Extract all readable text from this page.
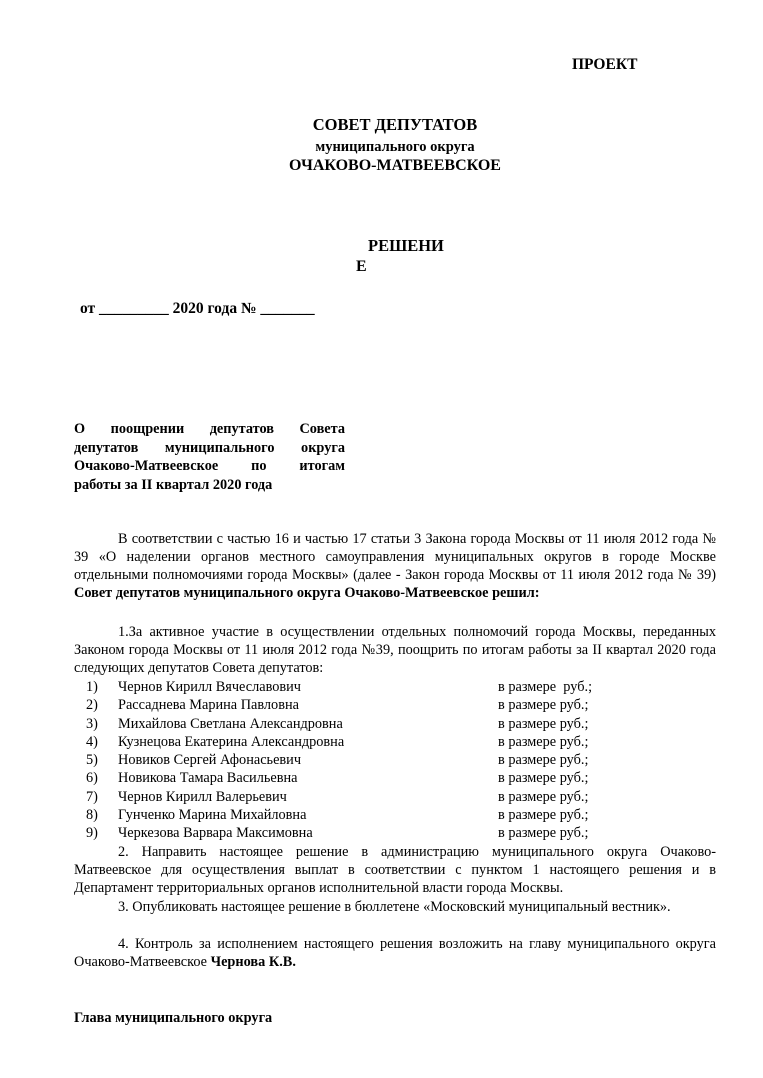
ПРОЕКТ
СОВЕТ ДЕПУТАТОВ
муниципального округа
ОЧАКОВО-МАТВЕЕВСКОЕ
РЕШЕНИ
Е
от _________ 2020 года № _______

О поощрении депутатов Совета

депутатов муниципального округа

Очаково-Матвеевское по итогам

работы за II квартал 2020 года

В соответствии с частью 16 и частью 17 статьи 3 Закона города Москвы от 11 июля 2012 года № 39 «О наделении органов местного самоуправления муниципальных округов в городе Москве отдельными полномочиями города Москвы» (далее - Закон города Москвы от 11 июля 2012 года № 39) Совет депутатов муниципального округа Очаково-Матвеевское решил:

1.За активное участие в осуществлении отдельных полномочий города Москвы, переданных Законом города Москвы от 11 июля 2012 года №39, поощрить по итогам работы за II квартал 2020 года следующих депутатов Совета депутатов:

1) Чернов Кирилл Вячеславович	в размере  руб.;
2) Рассаднева Марина Павловна	в размере руб.;
3) Михайлова Светлана Александровна	в размере руб.;
4) Кузнецова Екатерина Александровна	в размере руб.;
5) Новиков Сергей Афонасьевич	в размере руб.;
6) Новикова Тамара Васильевна	в размере руб.;
7) Чернов Кирилл Валерьевич	в размере руб.;
8) Гунченко Марина Михайловна	в размере руб.;
9) Черкезова Варвара Максимовна	в размере руб.;

2. Направить настоящее решение в администрацию муниципального округа Очаково-Матвеевское для осуществления выплат в соответствии с пунктом 1 настоящего решения и в Департамент территориальных органов исполнительной власти города Москвы.

3. Опубликовать настоящее решение в бюллетене «Московский муниципальный вестник».

4. Контроль за исполнением настоящего решения возложить на главу муниципального округа Очаково-Матвеевское Чернова К.В.

Глава муниципального округа
